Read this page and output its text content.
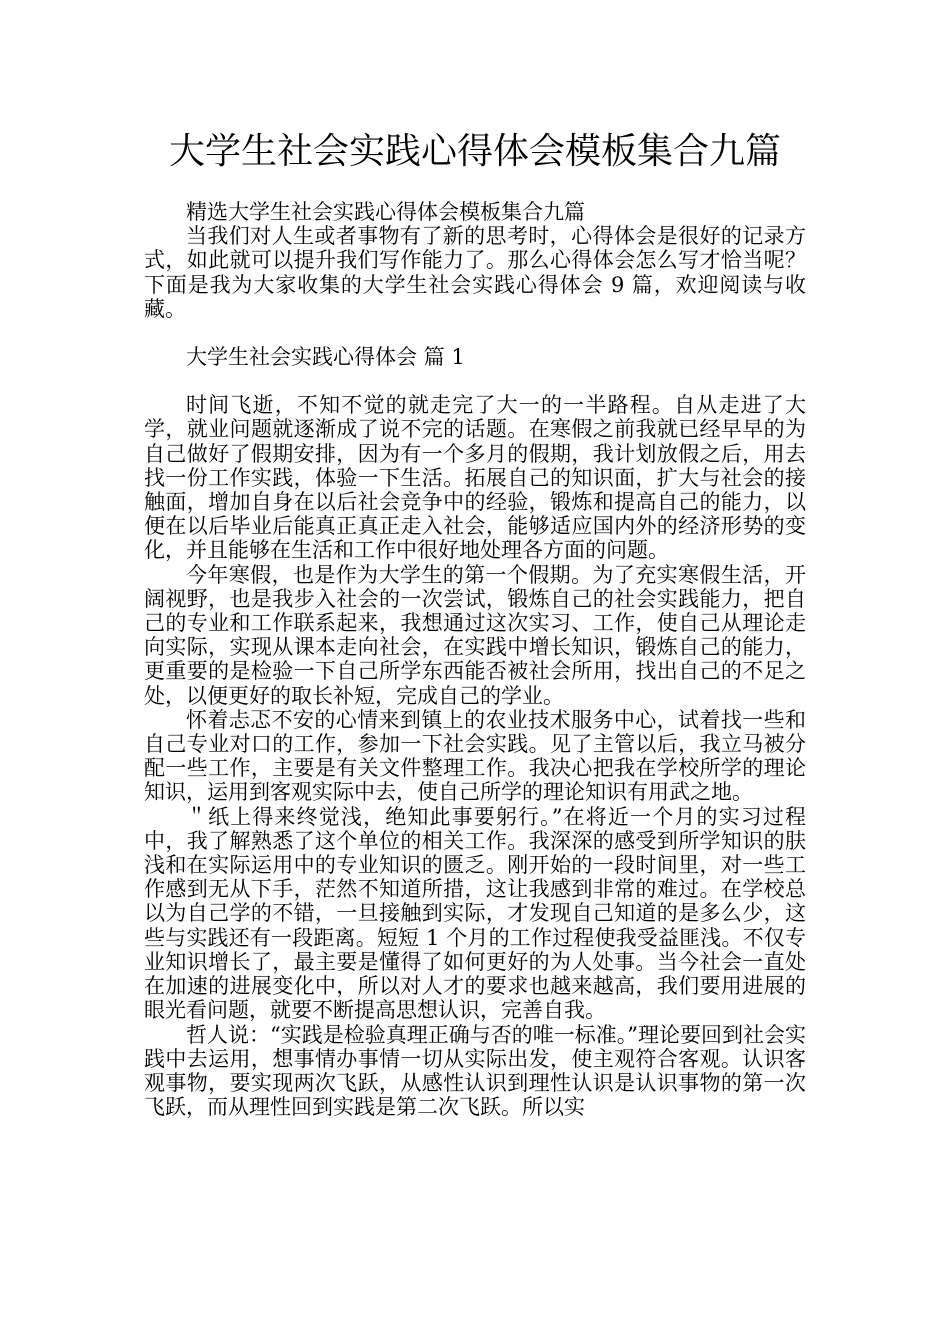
大学生社会实践心得体会模板集合九篇

精选大学生社会实践心得体会模板集合九篇

当我们对人生或者事物有了新的思考时，心得体会是很好的记录方式，如此就可以提升我们写作能力了。那么心得体会怎么写才恰当呢？下面是我为大家收集的大学生社会实践心得体会 9 篇，欢迎阅读与收藏。

大学生社会实践心得体会 篇 1

时间飞逝，不知不觉的就走完了大一的一半路程。自从走进了大学，就业问题就逐渐成了说不完的话题。在寒假之前我就已经早早的为自己做好了假期安排，因为有一个多月的假期，我计划放假之后，用去找一份工作实践，体验一下生活。拓展自己的知识面，扩大与社会的接触面，增加自身在以后社会竞争中的经验，锻炼和提高自己的能力，以便在以后毕业后能真正真正走入社会，能够适应国内外的经济形势的变化，并且能够在生活和工作中很好地处理各方面的问题。

今年寒假，也是作为大学生的第一个假期。为了充实寒假生活，开阔视野，也是我步入社会的一次尝试，锻炼自己的社会实践能力，把自己的专业和工作联系起来，我想通过这次实习、工作，使自己从理论走向实际，实现从课本走向社会，在实践中增长知识，锻炼自己的能力，更重要的是检验一下自己所学东西能否被社会所用，找出自己的不足之处，以便更好的取长补短，完成自己的学业。

怀着忐忑不安的心情来到镇上的农业技术服务中心，试着找一些和自己专业对口的工作，参加一下社会实践。见了主管以后，我立马被分配一些工作，主要是有关文件整理工作。我决心把我在学校所学的理论知识，运用到客观实际中去，使自己所学的理论知识有用武之地。

＂纸上得来终觉浅，绝知此事要躬行。”在将近一个月的实习过程中，我了解熟悉了这个单位的相关工作。我深深的感受到所学知识的肤浅和在实际运用中的专业知识的匮乏。刚开始的一段时间里，对一些工作感到无从下手，茫然不知道所措，这让我感到非常的难过。在学校总以为自己学的不错，一旦接触到实际，才发现自己知道的是多么少，这些与实践还有一段距离。短短 1 个月的工作过程使我受益匪浅。不仅专业知识增长了，最主要是懂得了如何更好的为人处事。当今社会一直处在加速的进展变化中，所以对人才的要求也越来越高，我们要用进展的眼光看问题，就要不断提高思想认识，完善自我。

哲人说：“实践是检验真理正确与否的唯一标准。”理论要回到社会实践中去运用，想事情办事情一切从实际出发，使主观符合客观。认识客观事物，要实现两次飞跃，从感性认识到理性认识是认识事物的第一次飞跃，而从理性回到实践是第二次飞跃。所以实
